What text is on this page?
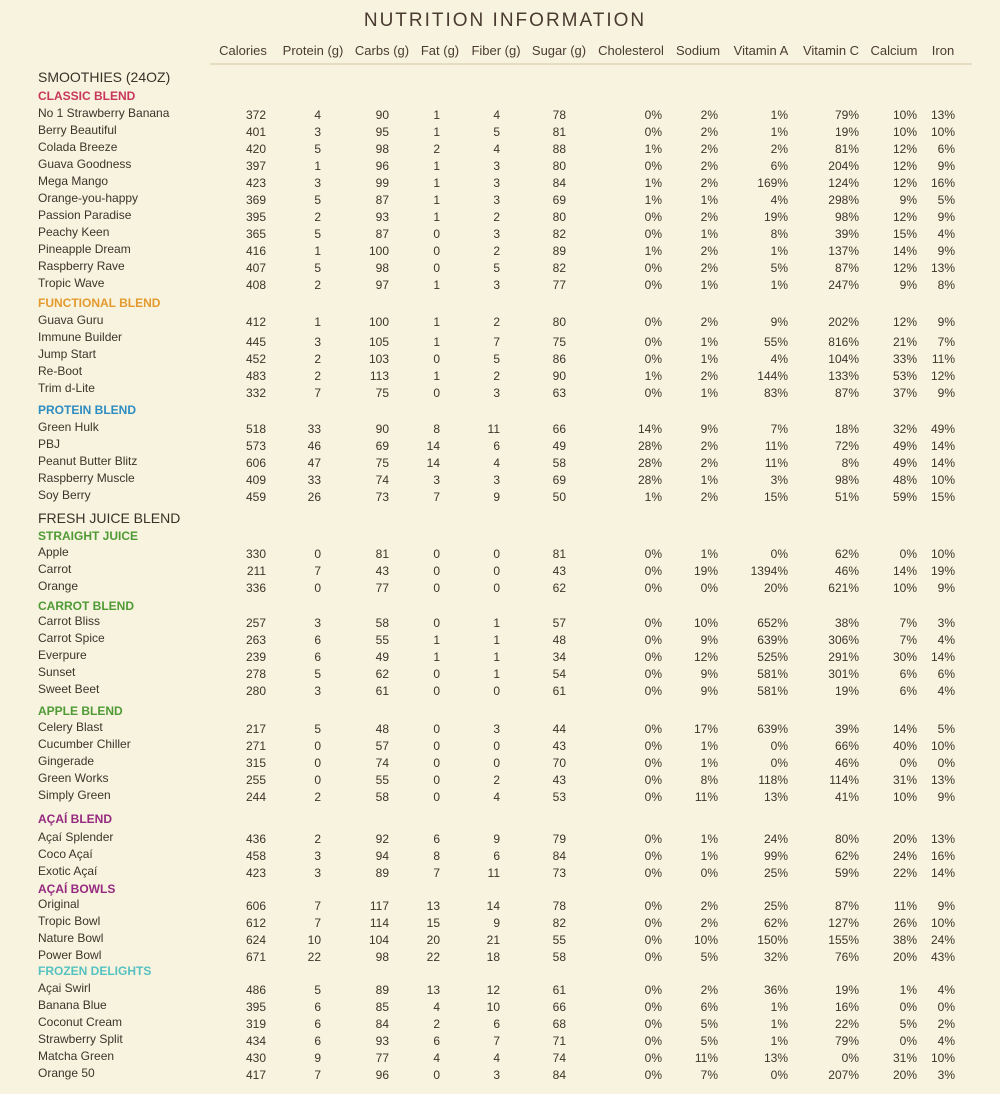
NUTRITION INFORMATION
Calories Protein (g) Carbs (g) Fat (g) Fiber (g) Sugar (g) Cholesterol Sodium Vitamin A Vitamin C Calcium Iron
SMOOTHIES (24OZ)
CLASSIC BLEND
No 1 Strawberry Banana	372	4	90	1	4	78	0%	2%	1%	79%	10% 13%
Berry Beautiful	401	3	95	1	5	81	0%	2%	1%	19%	10% 10%
Colada Breeze	420	5	98	2	4	88	1%	2%	2%	81%	12% 6%
Guava Goodness	397	1	96	1	3	80	0%	2%	6%	204%	12% 9%
Mega Mango	423	3	99	1	3	84	1%	2%	169%	124%	12% 16%
Orange-you-happy	369	5	87	1	3	69	1%	1%	4%	298%	9% 5%
Passion Paradise	395	2	93	1	2	80	0%	2%	19%	98%	12% 9%
Peachy Keen	365	5	87	0	3	82	0%	1%	8%	39%	15% 4%
Pineapple Dream	416	1	100	0	2	89	1%	2%	1%	137%	14% 9%
Raspberry Rave	407	5	98	0	5	82	0%	2%	5%	87%	12% 13%
Tropic Wave	408	2	97	1	3	77	0%	1%	1%	247%	9% 8%
FUNCTIONAL BLEND
Guava Guru	412	1	100	1	2	80	0%	2%	9%	202%	12% 9%
Immune Builder	445	3	105	1	7	75	0%	1%	55%	816%	21% 7%
Jump Start	452	2	103	0	5	86	0%	1%	4%	104%	33% 11%
Re-Boot	483	2	113	1	2	90	1%	2%	144%	133%	53% 12%
Trim d-Lite	332	7	75	0	3	63	0%	1%	83%	87%	37% 9%
PROTEIN BLEND
Green Hulk	518	33	90	8	11	66	14%	9%	7%	18%	32% 49%
PBJ	573	46	69	14	6	49	28%	2%	11%	72%	49% 14%
Peanut Butter Blitz	606	47	75	14	4	58	28%	2%	11%	8%	49% 14%
Raspberry Muscle	409	33	74	3	3	69	28%	1%	3%	98%	48% 10%
Soy Berry	459	26	73	7	9	50	1%	2%	15%	51%	59% 15%
FRESH JUICE BLEND
STRAIGHT JUICE
Apple	330	0	81	0	0	81	0%	1%	0%	62%	0% 10%
Carrot	211	7	43	0	0	43	0%	19%	1394%	46%	14% 19%
Orange	336	0	77	0	0	62	0%	0%	20%	621%	10% 9%
CARROT BLEND
Carrot Bliss	257	3	58	0	1	57	0%	10%	652%	38%	7% 3%
Carrot Spice	263	6	55	1	1	48	0%	9%	639%	306%	7% 4%
Everpure	239	6	49	1	1	34	0%	12%	525%	291%	30% 14%
Sunset	278	5	62	0	1	54	0%	9%	581%	301%	6% 6%
Sweet Beet	280	3	61	0	0	61	0%	9%	581%	19%	6% 4%
APPLE BLEND
Celery Blast	217	5	48	0	3	44	0%	17%	639%	39%	14% 5%
Cucumber Chiller	271	0	57	0	0	43	0%	1%	0%	66%	40% 10%
Gingerade	315	0	74	0	0	70	0%	1%	0%	46%	0% 0%
Green Works	255	0	55	0	2	43	0%	8%	118%	114%	31% 13%
Simply Green	244	2	58	0	4	53	0%	11%	13%	41%	10% 9%
AÇAÍ BLEND
Açaí Splender	436	2	92	6	9	79	0%	1%	24%	80%	20% 13%
Coco Açaí	458	3	94	8	6	84	0%	1%	99%	62%	24% 16%
Exotic Açaí	423	3	89	7	11	73	0%	0%	25%	59%	22% 14%
AÇAÍ BOWLS
Original	606	7	117	13	14	78	0%	2%	25%	87%	11% 9%
Tropic Bowl	612	7	114	15	9	82	0%	2%	62%	127%	26% 10%
Nature Bowl	624	10	104	20	21	55	0%	10%	150%	155%	38% 24%
Power Bowl	671	22	98	22	18	58	0%	5%	32%	76%	20% 43%
FROZEN DELIGHTS
Açai Swirl	486	5	89	13	12	61	0%	2%	36%	19%	1% 4%
Banana Blue	395	6	85	4	10	66	0%	6%	1%	16%	0% 0%
Coconut Cream	319	6	84	2	6	68	0%	5%	1%	22%	5% 2%
Strawberry Split	434	6	93	6	7	71	0%	5%	1%	79%	0% 4%
Matcha Green	430	9	77	4	4	74	0%	11%	13%	0%	31% 10%
Orange 50	417	7	96	0	3	84	0%	7%	0%	207%	20% 3%
